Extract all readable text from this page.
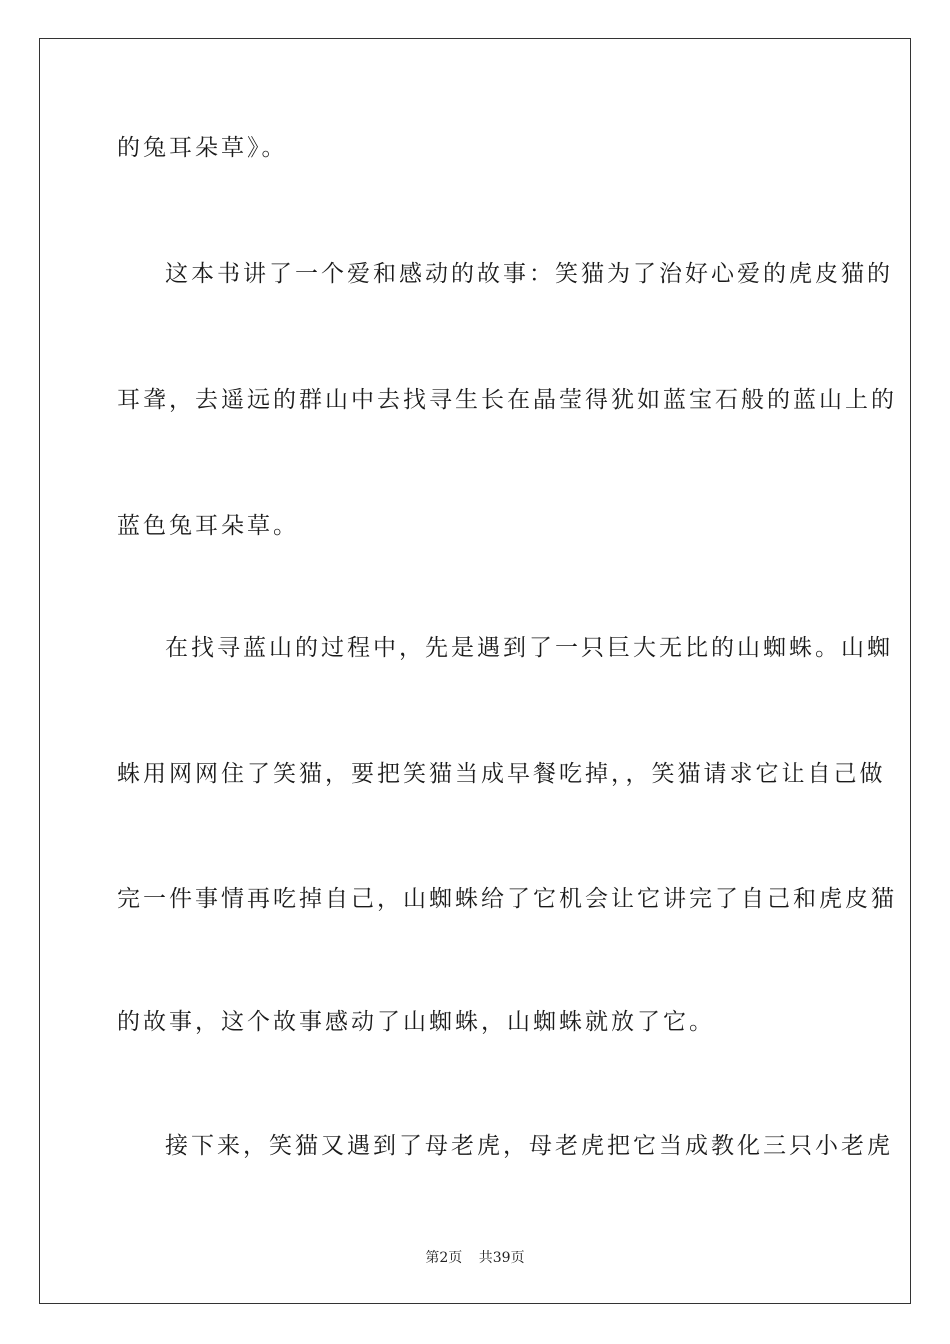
的兔耳朵草》。
这本书讲了一个爱和感动的故事：笑猫为了治好心爱的虎皮猫的
耳聋，去遥远的群山中去找寻生长在晶莹得犹如蓝宝石般的蓝山上的
蓝色兔耳朵草。
在找寻蓝山的过程中，先是遇到了一只巨大无比的山蜘蛛。山蜘
蛛用网网住了笑猫，要把笑猫当成早餐吃掉，，笑猫请求它让自己做
完一件事情再吃掉自己，山蜘蛛给了它机会让它讲完了自己和虎皮猫
的故事，这个故事感动了山蜘蛛，山蜘蛛就放了它。
接下来，笑猫又遇到了母老虎，母老虎把它当成教化三只小老虎
第2页 共39页
